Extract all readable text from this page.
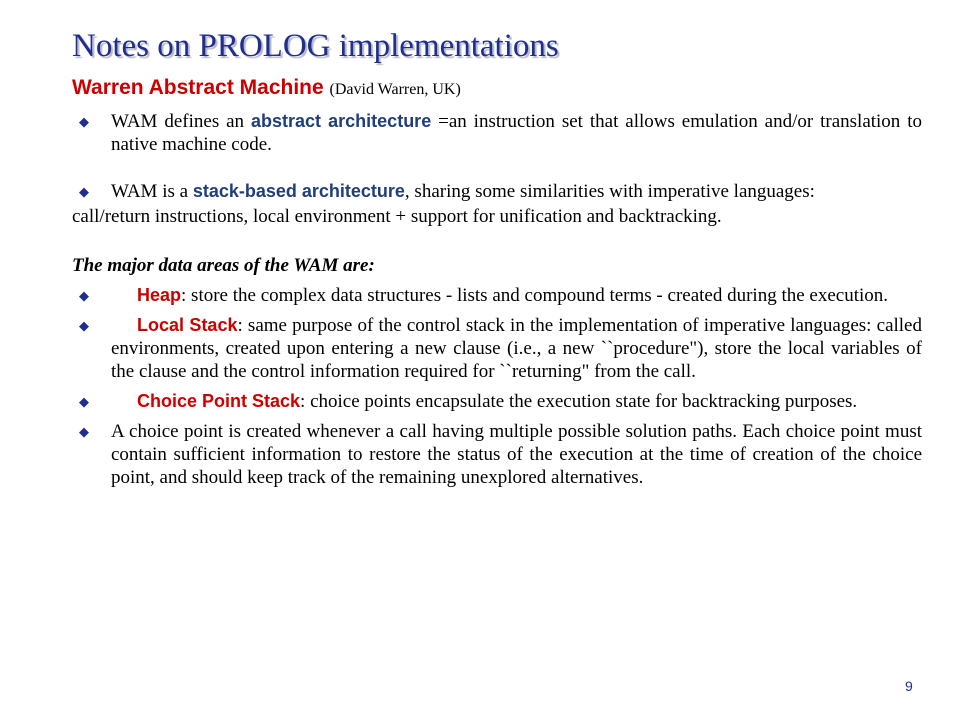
Notes on PROLOG implementations
Warren Abstract Machine (David Warren, UK)
◆ WAM defines an abstract architecture =an instruction set that allows emulation and/or translation to native machine code.
◆ WAM is a stack-based architecture, sharing some similarities with imperative languages:
call/return instructions, local environment + support for unification and backtracking.
The major data areas of the WAM are:
◆	Heap: store the complex data structures - lists and compound terms - created during the execution.
◆	Local Stack: same purpose of the control stack in the implementation of imperative languages: called environments, created upon entering a new clause (i.e., a new ``procedure"), store the local variables of the clause and the control information required for ``returning" from the call.
◆	Choice Point Stack: choice points encapsulate the execution state for backtracking purposes.
◆ A choice point is created whenever a call having multiple possible solution paths. Each choice point must contain sufficient information to restore the status of the execution at the time of creation of the choice point, and should keep track of the remaining unexplored alternatives.
9
